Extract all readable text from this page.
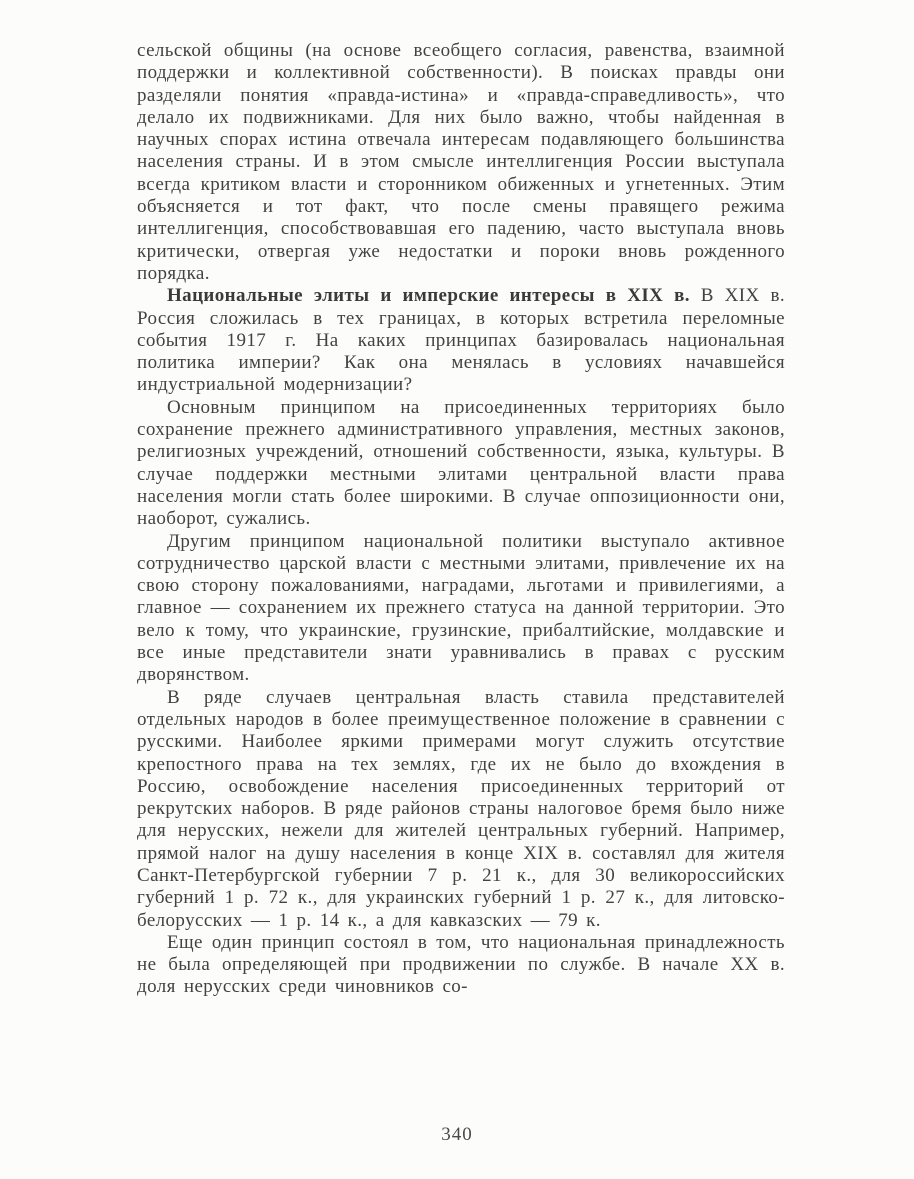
сельской общины (на основе всеобщего согласия, равенства, взаимной поддержки и коллективной собственности). В поисках правды они разделяли понятия «правда-истина» и «правда-справедливость», что делало их подвижниками. Для них было важно, чтобы найденная в научных спорах истина отвечала интересам подавляющего большинства населения страны. И в этом смысле интеллигенция России выступала всегда критиком власти и сторонником обиженных и угнетенных. Этим объясняется и тот факт, что после смены правящего режима интеллигенция, способствовавшая его падению, часто выступала вновь критически, отвергая уже недостатки и пороки вновь рожденного порядка.

Национальные элиты и имперские интересы в XIX в. В XIX в. Россия сложилась в тех границах, в которых встретила переломные события 1917 г. На каких принципах базировалась национальная политика империи? Как она менялась в условиях начавшейся индустриальной модернизации?

Основным принципом на присоединенных территориях было сохранение прежнего административного управления, местных законов, религиозных учреждений, отношений собственности, языка, культуры. В случае поддержки местными элитами центральной власти права населения могли стать более широкими. В случае оппозиционности они, наоборот, сужались.

Другим принципом национальной политики выступало активное сотрудничество царской власти с местными элитами, привлечение их на свою сторону пожалованиями, наградами, льготами и привилегиями, а главное — сохранением их прежнего статуса на данной территории. Это вело к тому, что украинские, грузинские, прибалтийские, молдавские и все иные представители знати уравнивались в правах с русским дворянством.

В ряде случаев центральная власть ставила представителей отдельных народов в более преимущественное положение в сравнении с русскими. Наиболее яркими примерами могут служить отсутствие крепостного права на тех землях, где их не было до вхождения в Россию, освобождение населения присоединенных территорий от рекрутских наборов. В ряде районов страны налоговое бремя было ниже для нерусских, нежели для жителей центральных губерний. Например, прямой налог на душу населения в конце XIX в. составлял для жителя Санкт-Петербургской губернии 7 р. 21 к., для 30 великороссийских губерний 1 р. 72 к., для украинских губерний 1 р. 27 к., для литовско-белорусских — 1 р. 14 к., а для кавказских — 79 к.

Еще один принцип состоял в том, что национальная принадлежность не была определяющей при продвижении по службе. В начале XX в. доля нерусских среди чиновников со-

340
